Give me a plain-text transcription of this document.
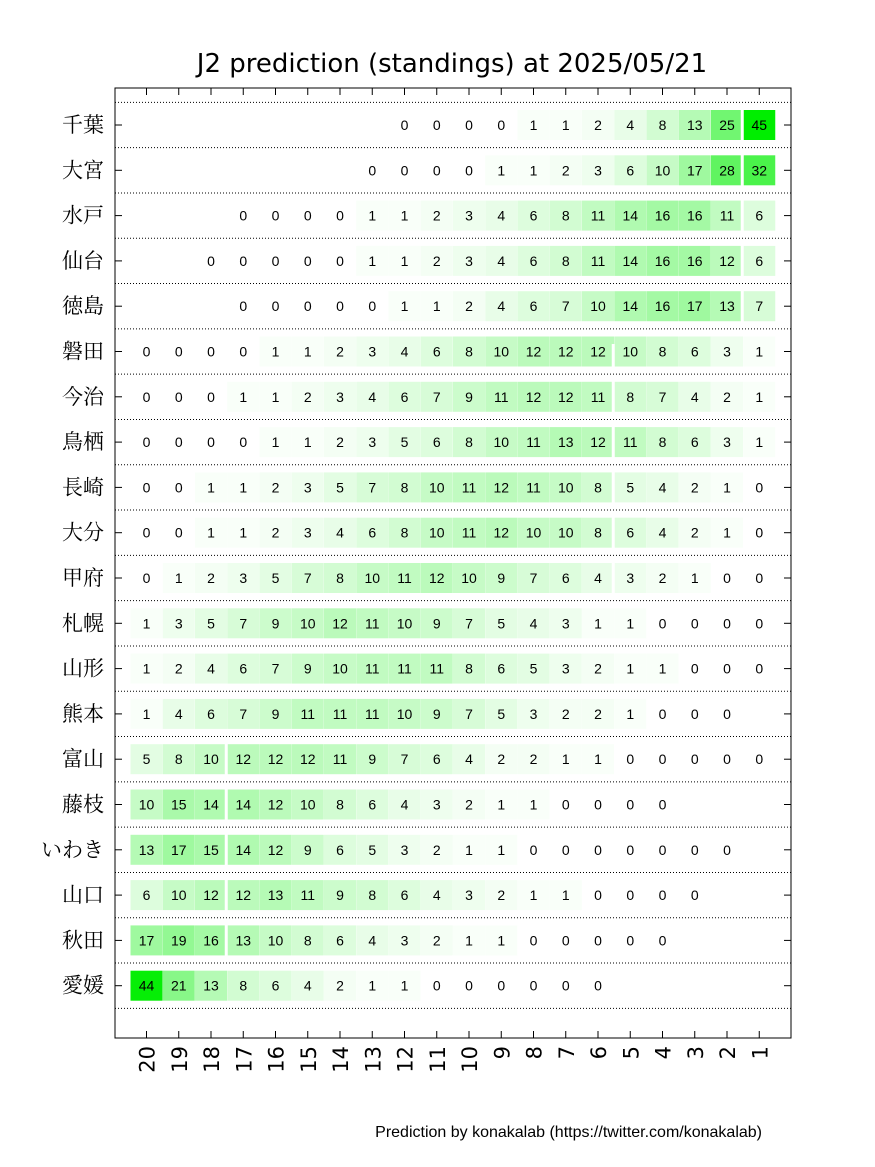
J2 prediction (standings) at 2025/05/21
千葉
大宮
水戸
仙台
徳島
磐田
今治
鳥栖
長崎
大分
甲府
札幌
山形
熊本
富山
藤枝
いわき
山口
秋田
愛媛
20 19 18 17 16 15 14 13 12 11 10 9 8 7 6 5 4 3 2 1
0 0 0 0 1 1 2 4 8 13 25 45
0 0 0 0 1 1 2 3 6 10 17 28 32
0 0 0 0 1 1 2 3 4 6 8 11 14 16 16 11 6
0 0 0 0 0 1 1 2 3 4 6 8 11 14 16 16 12 6
0 0 0 0 0 1 1 2 4 6 7 10 14 16 17 13 7
0 0 0 0 1 1 2 3 4 6 8 10 12 12 12 10 8 6 3 1
0 0 0 1 1 2 3 4 6 7 9 11 12 12 11 8 7 4 2 1
0 0 0 0 1 1 2 3 5 6 8 10 11 13 12 11 8 6 3 1
0 0 1 1 2 3 5 7 8 10 11 12 11 10 8 5 4 2 1 0
0 0 1 1 2 3 4 6 8 10 11 12 10 10 8 6 4 2 1 0
0 1 2 3 5 7 8 10 11 12 10 9 7 6 4 3 2 1 0 0
1 3 5 7 9 10 12 11 10 9 7 5 4 3 1 1 0 0 0 0
1 2 4 6 7 9 10 11 11 11 8 6 5 3 2 1 1 0 0 0
1 4 6 7 9 11 11 11 10 9 7 5 3 2 2 1 0 0 0
5 8 10 12 12 12 11 9 7 6 4 2 2 1 1 0 0 0 0 0
10 15 14 14 12 10 8 6 4 3 2 1 1 0 0 0 0
13 17 15 14 12 9 6 5 3 2 1 1 0 0 0 0 0 0 0
6 10 12 12 13 11 9 8 6 4 3 2 1 1 0 0 0 0
17 19 16 13 10 8 6 4 3 2 1 1 0 0 0 0 0
44 21 13 8 6 4 2 1 1 0 0 0 0 0 0
Prediction by konakalab (https://twitter.com/konakalab)
